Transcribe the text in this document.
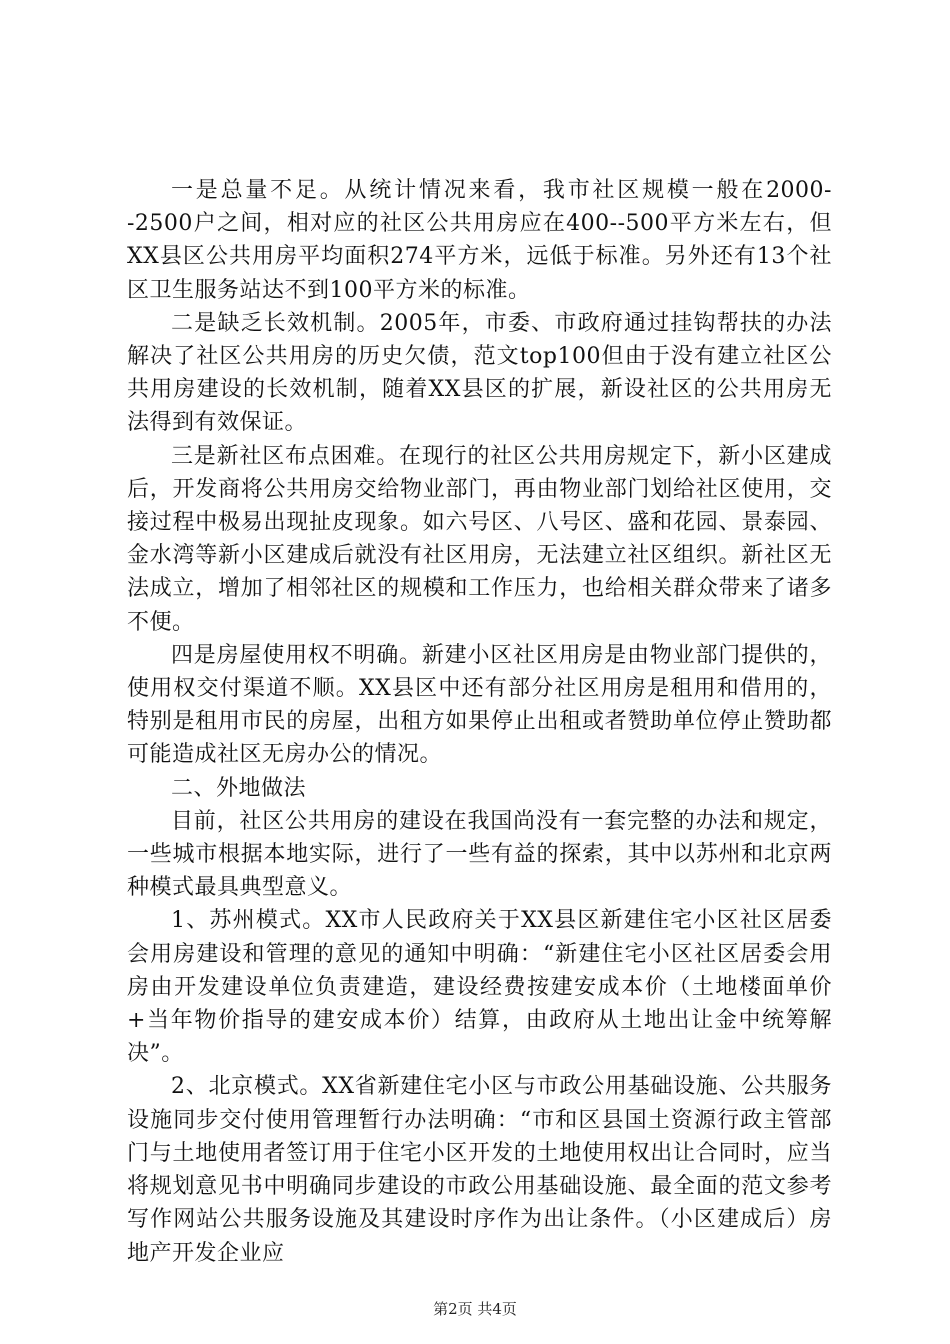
一是总量不足。从统计情况来看，我市社区规模一般在2000--2500户之间，相对应的社区公共用房应在400--500平方米左右，但XX县区公共用房平均面积274平方米，远低于标准。另外还有13个社区卫生服务站达不到100平方米的标准。

二是缺乏长效机制。2005年，市委、市政府通过挂钩帮扶的办法解决了社区公共用房的历史欠债，范文top100但由于没有建立社区公共用房建设的长效机制，随着XX县区的扩展，新设社区的公共用房无法得到有效保证。

三是新社区布点困难。在现行的社区公共用房规定下，新小区建成后，开发商将公共用房交给物业部门，再由物业部门划给社区使用，交接过程中极易出现扯皮现象。如六号区、八号区、盛和花园、景泰园、金水湾等新小区建成后就没有社区用房，无法建立社区组织。新社区无法成立，增加了相邻社区的规模和工作压力，也给相关群众带来了诸多不便。

四是房屋使用权不明确。新建小区社区用房是由物业部门提供的，使用权交付渠道不顺。XX县区中还有部分社区用房是租用和借用的，特别是租用市民的房屋，出租方如果停止出租或者赞助单位停止赞助都可能造成社区无房办公的情况。

二、外地做法

目前，社区公共用房的建设在我国尚没有一套完整的办法和规定，一些城市根据本地实际，进行了一些有益的探索，其中以苏州和北京两种模式最具典型意义。

1、苏州模式。XX市人民政府关于XX县区新建住宅小区社区居委会用房建设和管理的意见的通知中明确：“新建住宅小区社区居委会用房由开发建设单位负责建造，建设经费按建安成本价（土地楼面单价+当年物价指导的建安成本价）结算，由政府从土地出让金中统筹解决”。

2、北京模式。XX省新建住宅小区与市政公用基础设施、公共服务设施同步交付使用管理暂行办法明确：“市和区县国土资源行政主管部门与土地使用者签订用于住宅小区开发的土地使用权出让合同时，应当将规划意见书中明确同步建设的市政公用基础设施、最全面的范文参考写作网站公共服务设施及其建设时序作为出让条件。（小区建成后）房地产开发企业应

第2页 共4页
